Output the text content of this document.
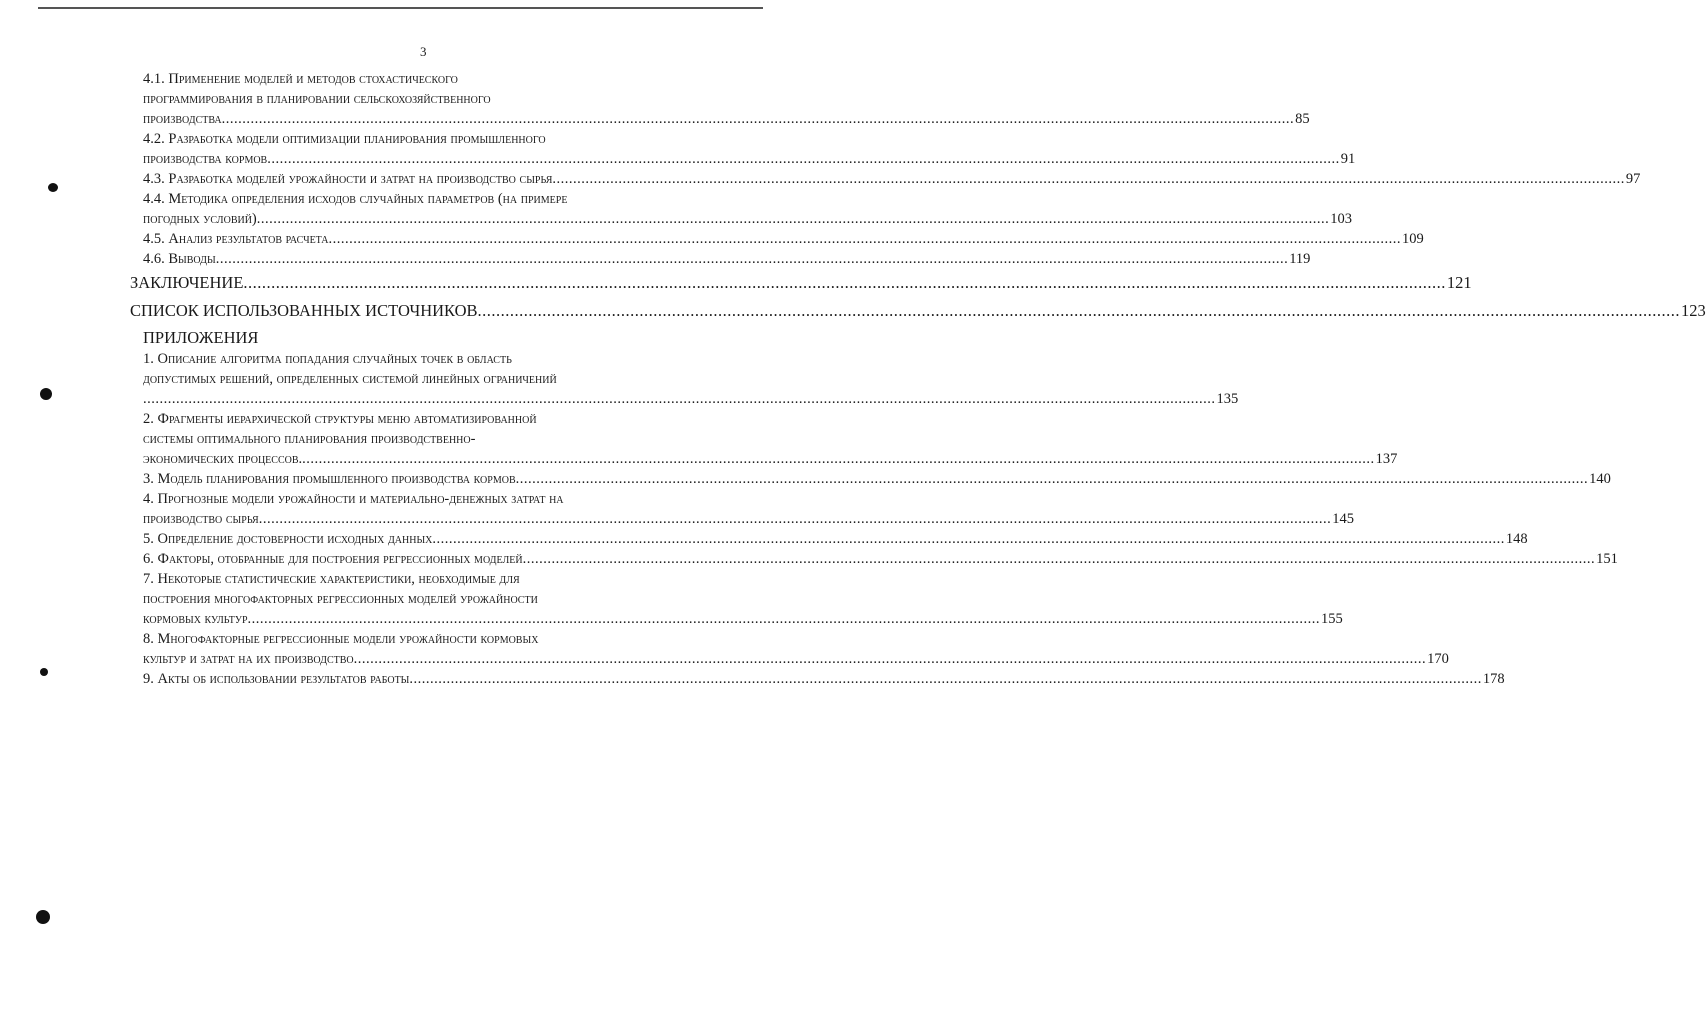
3
4.1. Применение моделей и методов стохастического
программирования в планировании сельскохозяйственного
производства .................................................................................................................................................................................................................................................................... 85
4.2. Разработка модели оптимизации планирования промышленного
производства кормов .................................................................................................................................................................................................................................................................... 91
4.3. Разработка моделей урожайности и затрат на производство сырья .................................................................................................................................................................................................................................................................... 97
4.4. Методика определения исходов случайных параметров (на примере
погодных условий) .................................................................................................................................................................................................................................................................... 103
4.5. Анализ результатов расчета .................................................................................................................................................................................................................................................................... 109
4.6. Выводы .................................................................................................................................................................................................................................................................... 119
ЗАКЛЮЧЕНИЕ .................................................................................................................................................................................................................................................................... 121
СПИСОК ИСПОЛЬЗОВАННЫХ ИСТОЧНИКОВ .................................................................................................................................................................................................................................................................... 123
ПРИЛОЖЕНИЯ
1. Описание алгоритма попадания случайных точек в область
допустимых решений, определенных системой линейных ограничений
.................................................................................................................................................................................................................................................................... 135
2. Фрагменты иерархической структуры меню автоматизированной
системы оптимального планирования производственно-
экономических процессов. .................................................................................................................................................................................................................................................................... 137
3. Модель планирования промышленного производства кормов .................................................................................................................................................................................................................................................................... 140
4. Прогнозные модели урожайности и материально-денежных затрат на
производство сырья .................................................................................................................................................................................................................................................................... 145
5. Определение достоверности исходных данных .................................................................................................................................................................................................................................................................... 148
6. Факторы, отобранные для построения регрессионных моделей .................................................................................................................................................................................................................................................................... 151
7. Некоторые статистические характеристики, необходимые для
построения многофакторных регрессионных моделей урожайности
кормовых культур .................................................................................................................................................................................................................................................................... 155
8. Многофакторные регрессионные модели урожайности кормовых
культур и затрат на их производство .................................................................................................................................................................................................................................................................... 170
9. Акты об использовании результатов работы .................................................................................................................................................................................................................................................................... 178
